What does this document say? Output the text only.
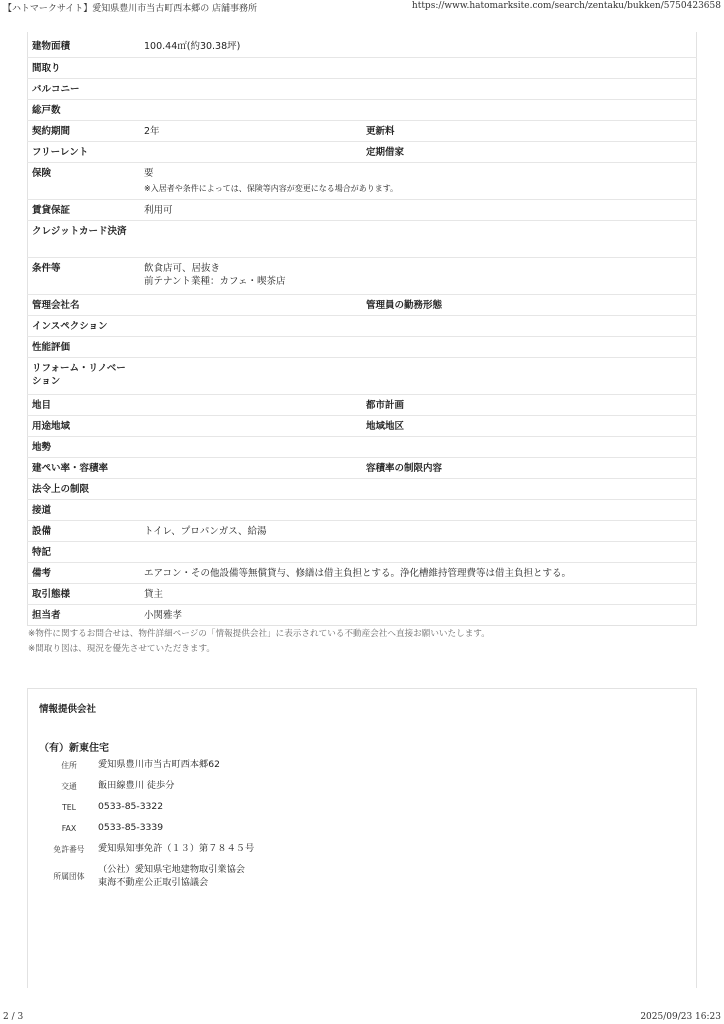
【ハトマークサイト】愛知県豊川市当古町西本郷の 店舗事務所	https://www.hatomarksite.com/search/zentaku/bukken/5750423658
建物面積	100.44㎡(約30.38坪)		
間取り			
バルコニー			
総戸数			
契約期間	2年	更新料	
フリーレント		定期借家	
保険	要
※入居者や条件によっては、保険等内容が変更になる場合があります。		

賃貸保証	利用可		
クレジットカード決済			
条件等	飲食店可、居抜き
前テナント業種：カフェ・喫茶店		

管理会社名		管理員の勤務形態	
インスペクション			
性能評価			
リフォーム・リノベーション			
地目		都市計画	
用途地域		地域地区	
地勢			
建ぺい率・容積率		容積率の制限内容	
法令上の制限			
接道			
設備	トイレ、プロパンガス、給湯		
特記			
備考	エアコン・その他設備等無償貸与、修繕は借主負担とする。浄化槽維持管理費等は借主負担とする。		
取引態様	貸主		
担当者	小関雅孝		
※物件に関するお問合せは、物件詳細ページの「情報提供会社」に表示されている不動産会社へ直接お願いいたします。
※間取り図は、現況を優先させていただきます。
情報提供会社
（有）新東住宅
住所	愛知県豊川市当古町西本郷62
交通	飯田線豊川 徒歩分
TEL	0533-85-3322
FAX	0533-85-3339
免許番号	愛知県知事免許（１３）第７８４５号
所属団体	（公社）愛知県宅地建物取引業協会
東海不動産公正取引協議会
2 / 3	2025/09/23 16:23
